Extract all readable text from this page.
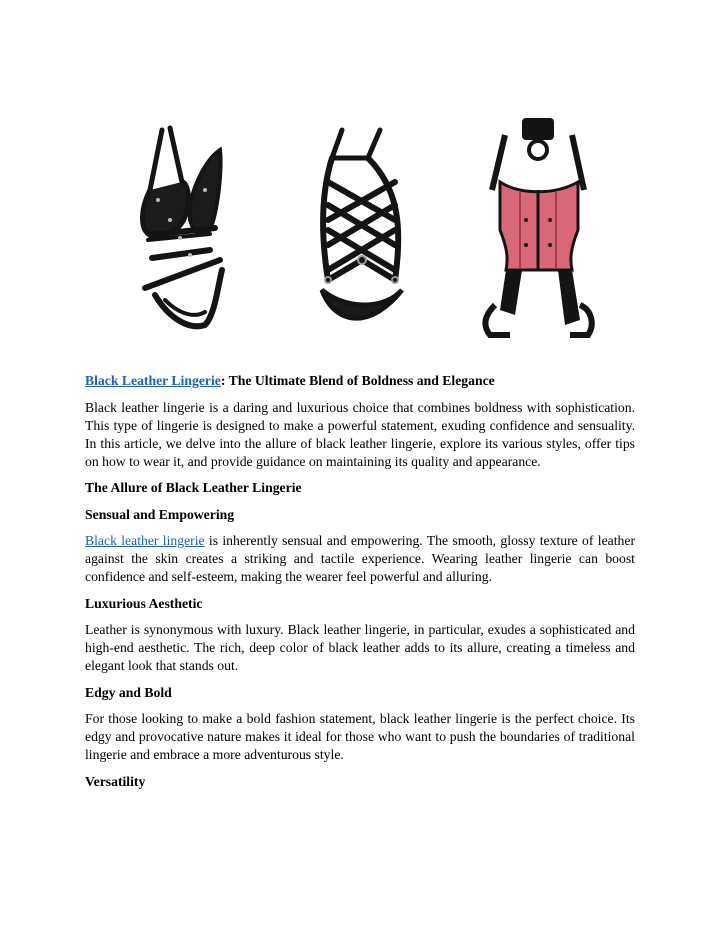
Black Leather Lingerie: The Ultimate Blend of Boldness and Elegance

Black leather lingerie is a daring and luxurious choice that combines boldness with sophistication. This type of lingerie is designed to make a powerful statement, exuding confidence and sensuality. In this article, we delve into the allure of black leather lingerie, explore its various styles, offer tips on how to wear it, and provide guidance on maintaining its quality and appearance.

The Allure of Black Leather Lingerie

Sensual and Empowering

Black leather lingerie is inherently sensual and empowering. The smooth, glossy texture of leather against the skin creates a striking and tactile experience. Wearing leather lingerie can boost confidence and self-esteem, making the wearer feel powerful and alluring.

Luxurious Aesthetic

Leather is synonymous with luxury. Black leather lingerie, in particular, exudes a sophisticated and high-end aesthetic. The rich, deep color of black leather adds to its allure, creating a timeless and elegant look that stands out.

Edgy and Bold

For those looking to make a bold fashion statement, black leather lingerie is the perfect choice. Its edgy and provocative nature makes it ideal for those who want to push the boundaries of traditional lingerie and embrace a more adventurous style.

Versatility
